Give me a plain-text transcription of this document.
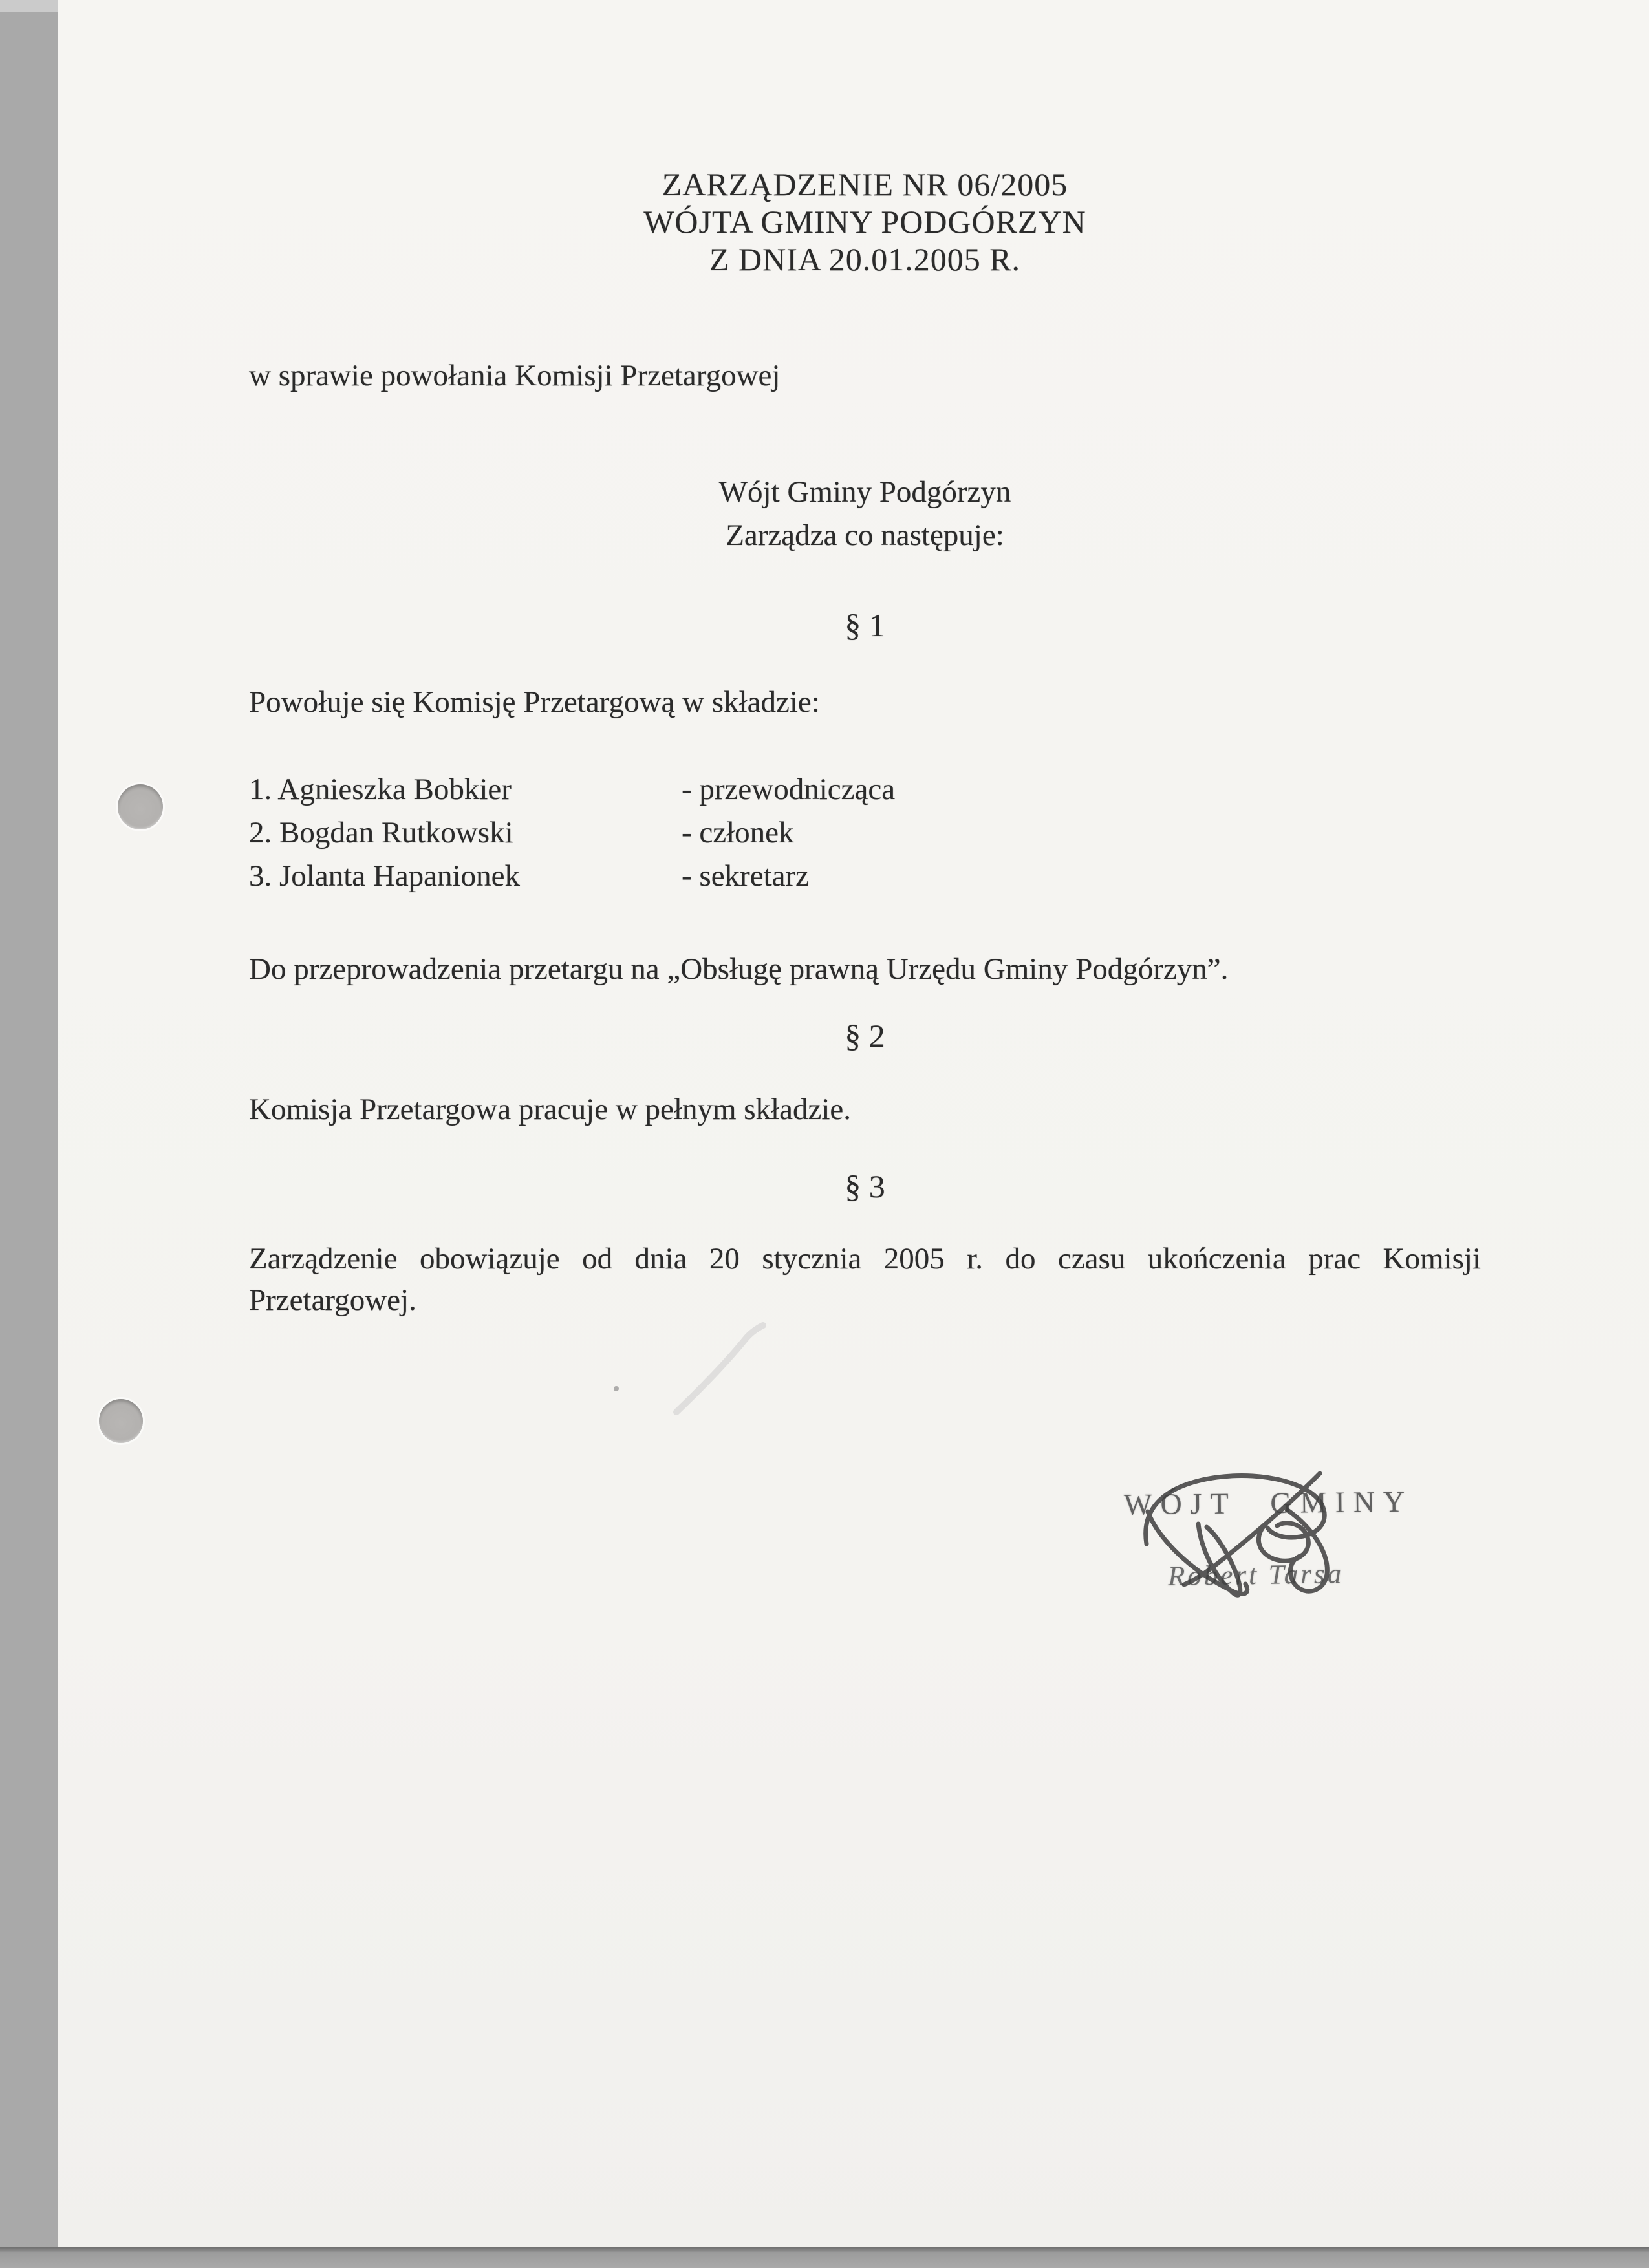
ZARZĄDZENIE NR 06/2005
WÓJTA GMINY PODGÓRZYN
Z DNIA 20.01.2005 R.
w sprawie powołania Komisji Przetargowej
Wójt Gminy Podgórzyn
Zarządza co następuje:
§ 1
Powołuje się Komisję Przetargową w składzie:
1. Agnieszka Bobkier	- przewodnicząca
2. Bogdan Rutkowski	- członek
3. Jolanta Hapanionek	- sekretarz
Do przeprowadzenia przetargu na „Obsługę prawną Urzędu Gminy Podgórzyn”.
§ 2
Komisja Przetargowa pracuje w pełnym składzie.
§ 3
Zarządzenie obowiązuje od dnia 20 stycznia 2005 r. do czasu ukończenia prac Komisji
Przetargowej.
WÓJT GMINY
Robert Tarsa
